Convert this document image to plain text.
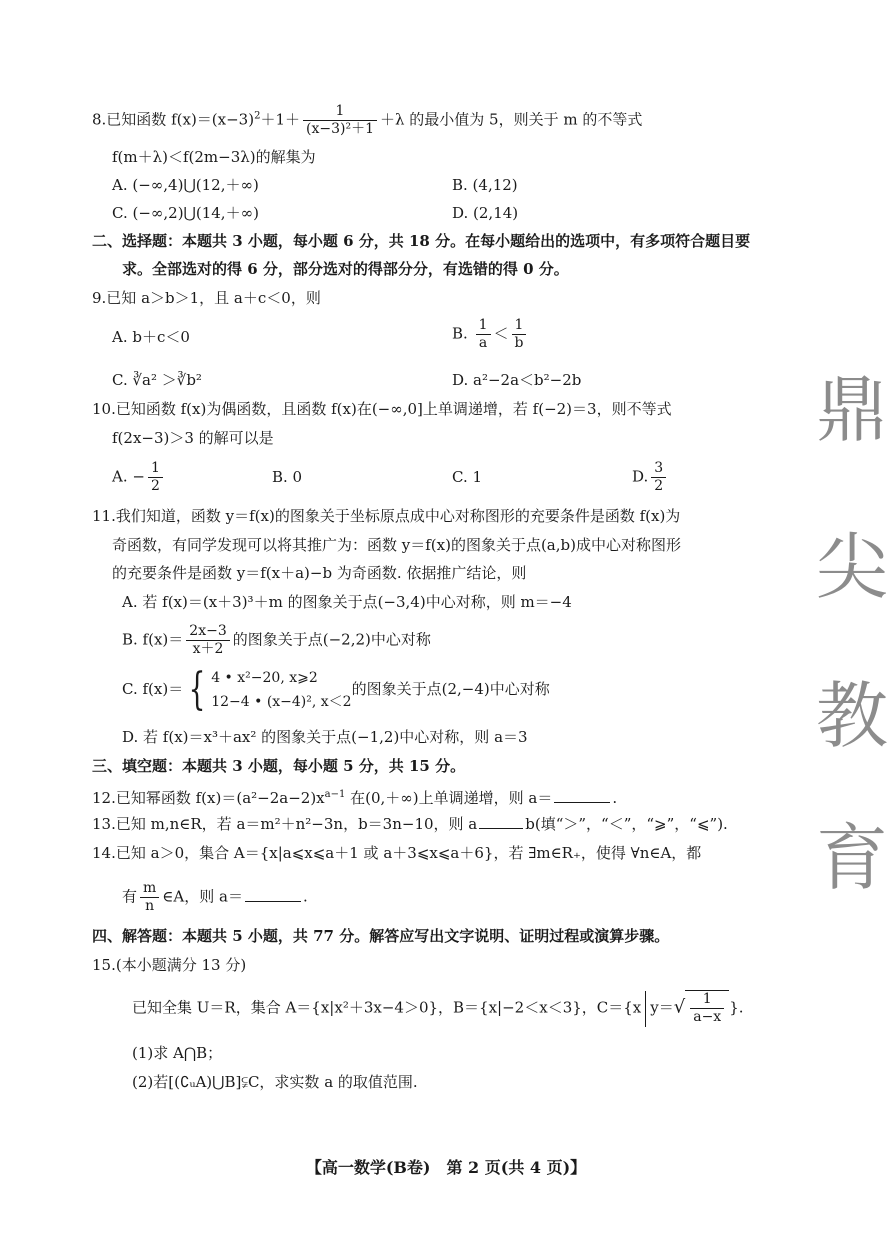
8.已知函数 $f(x)=(x-3)^2+1+ \frac{1}{\text{(x−3)²＋1}} +\lambda$ 的最小值为 5，则关于 m 的不等式
f(m＋λ)＜f(2m−3λ)的解集为
A. (−∞,4)⋃(12,＋∞)	B. (4,12)
C. (−∞,2)⋃(14,＋∞)	D. (2,14)
二、选择题：本题共 3 小题，每小题 6 分，共 18 分。在每小题给出的选项中，有多项符合题目要
求。全部选对的得 6 分，部分选对的得部分分，有选错的得 0 分。
9.已知 a＞b＞1，且 a＋c＜0，则
A. b＋c＜0	B. $\frac{1}{a} < \frac{1}{b}$
C. ∛a² ＞∛b²	D. a²−2a＜b²−2b
10.已知函数 f(x)为偶函数，且函数 f(x)在(−∞,0]上单调递增，若 f(−2)＝3，则不等式
f(2x−3)＞3 的解可以是
A. − $\frac{1}{2}$	B. 0	C. 1	D. $\frac{3}{2}$
11.我们知道，函数 y＝f(x)的图象关于坐标原点成中心对称图形的充要条件是函数 f(x)为
奇函数，有同学发现可以将其推广为：函数 y＝f(x)的图象关于点(a,b)成中心对称图形
的充要条件是函数 y＝f(x＋a)−b 为奇函数. 依据推广结论，则
A. 若 f(x)＝(x＋3)³＋m 的图象关于点(−3,4)中心对称，则 m＝−4
B. $f(x)= \frac{2x-3}{x+2}$ 的图象关于点(−2,2)中心对称
C. f(x)＝ { 4 • x²−20, x⩾2
12−4 • (x−4)², x＜2
的图象关于点(2,−4)中心对称
D. 若 f(x)＝x³＋ax² 的图象关于点(−1,2)中心对称，则 a＝3
三、填空题：本题共 3 小题，每小题 5 分，共 15 分。
12.已知幂函数 $f(x)=(a^2-2a-2)x^{a-1}$ 在(0,＋∞)上单调递增，则 a＝	.
13.已知 m,n∈R，若 a＝m²＋n²−3n，b＝3n−10，则 a	b(填“＞”，“＜”，“⩾”，“⩽”).
14.已知 a＞0，集合 A＝{x|a⩽x⩽a＋1 或 a＋3⩽x⩽a＋6}，若 ∃m∈R₊，使得 ∀n∈A，都
有 $\frac{m}{n}$ ∈A，则 a＝	.
四、解答题：本题共 5 小题，共 77 分。解答应写出文字说明、证明过程或演算步骤。
15.(本小题满分 13 分)
已知全集 U＝R，集合 A＝{x|x²＋3x−4＞0}，B＝{x|−2＜x＜3}，C＝{x $y=√ \frac{1}{a-x}$ }.
(1)求 A⋂B；
(2)若[(∁ᵤA)⋃B]⫋C，求实数 a 的取值范围.
鼎
尖
教
育
【高一数学(B卷)　第 2 页(共 4 页)】
